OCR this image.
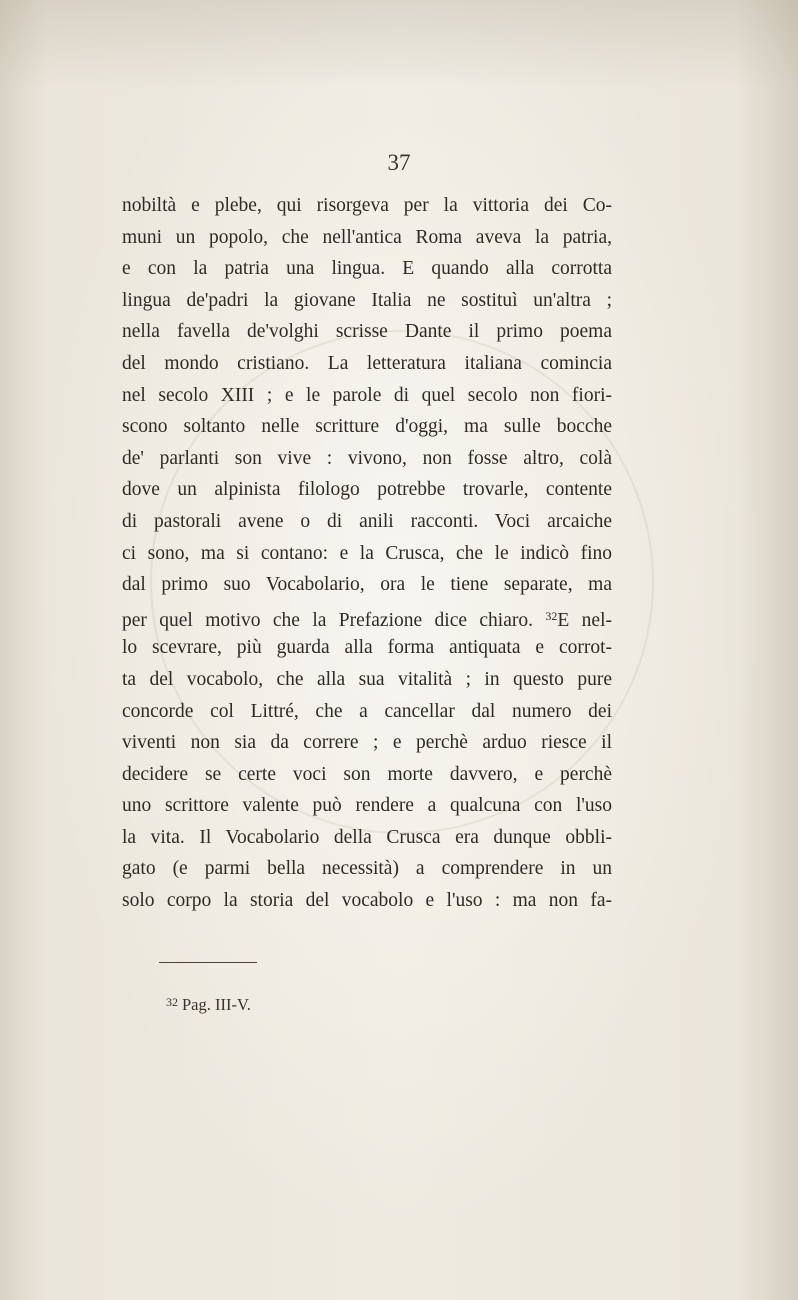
37
nobiltà e plebe, qui risorgeva per la vittoria dei Co-
muni un popolo, che nell'antica Roma aveva la patria,
e con la patria una lingua. E quando alla corrotta
lingua de'padri la giovane Italia ne sostituì un'altra ;
nella favella de'volghi scrisse Dante il primo poema
del mondo cristiano. La letteratura italiana comincia
nel secolo XIII ; e le parole di quel secolo non fiori-
scono soltanto nelle scritture d'oggi, ma sulle bocche
de' parlanti son vive : vivono, non fosse altro, colà
dove un alpinista filologo potrebbe trovarle, contente
di pastorali avene o di anili racconti. Voci arcaiche
ci sono, ma si contano: e la Crusca, che le indicò fino
dal primo suo Vocabolario, ora le tiene separate, ma
per quel motivo che la Prefazione dice chiaro. $^{32}$E nel-
lo scevrare, più guarda alla forma antiquata e corrot-
ta del vocabolo, che alla sua vitalità ; in questo pure
concorde col Littré, che a cancellar dal numero dei
viventi non sia da correre ; e perchè arduo riesce il
decidere se certe voci son morte davvero, e perchè
uno scrittore valente può rendere a qualcuna con l'uso
la vita. Il Vocabolario della Crusca era dunque obbli-
gato (e parmi bella necessità) a comprendere in un
solo corpo la storia del vocabolo e l'uso : ma non fa-
$^{32}$ Pag. III-V.
